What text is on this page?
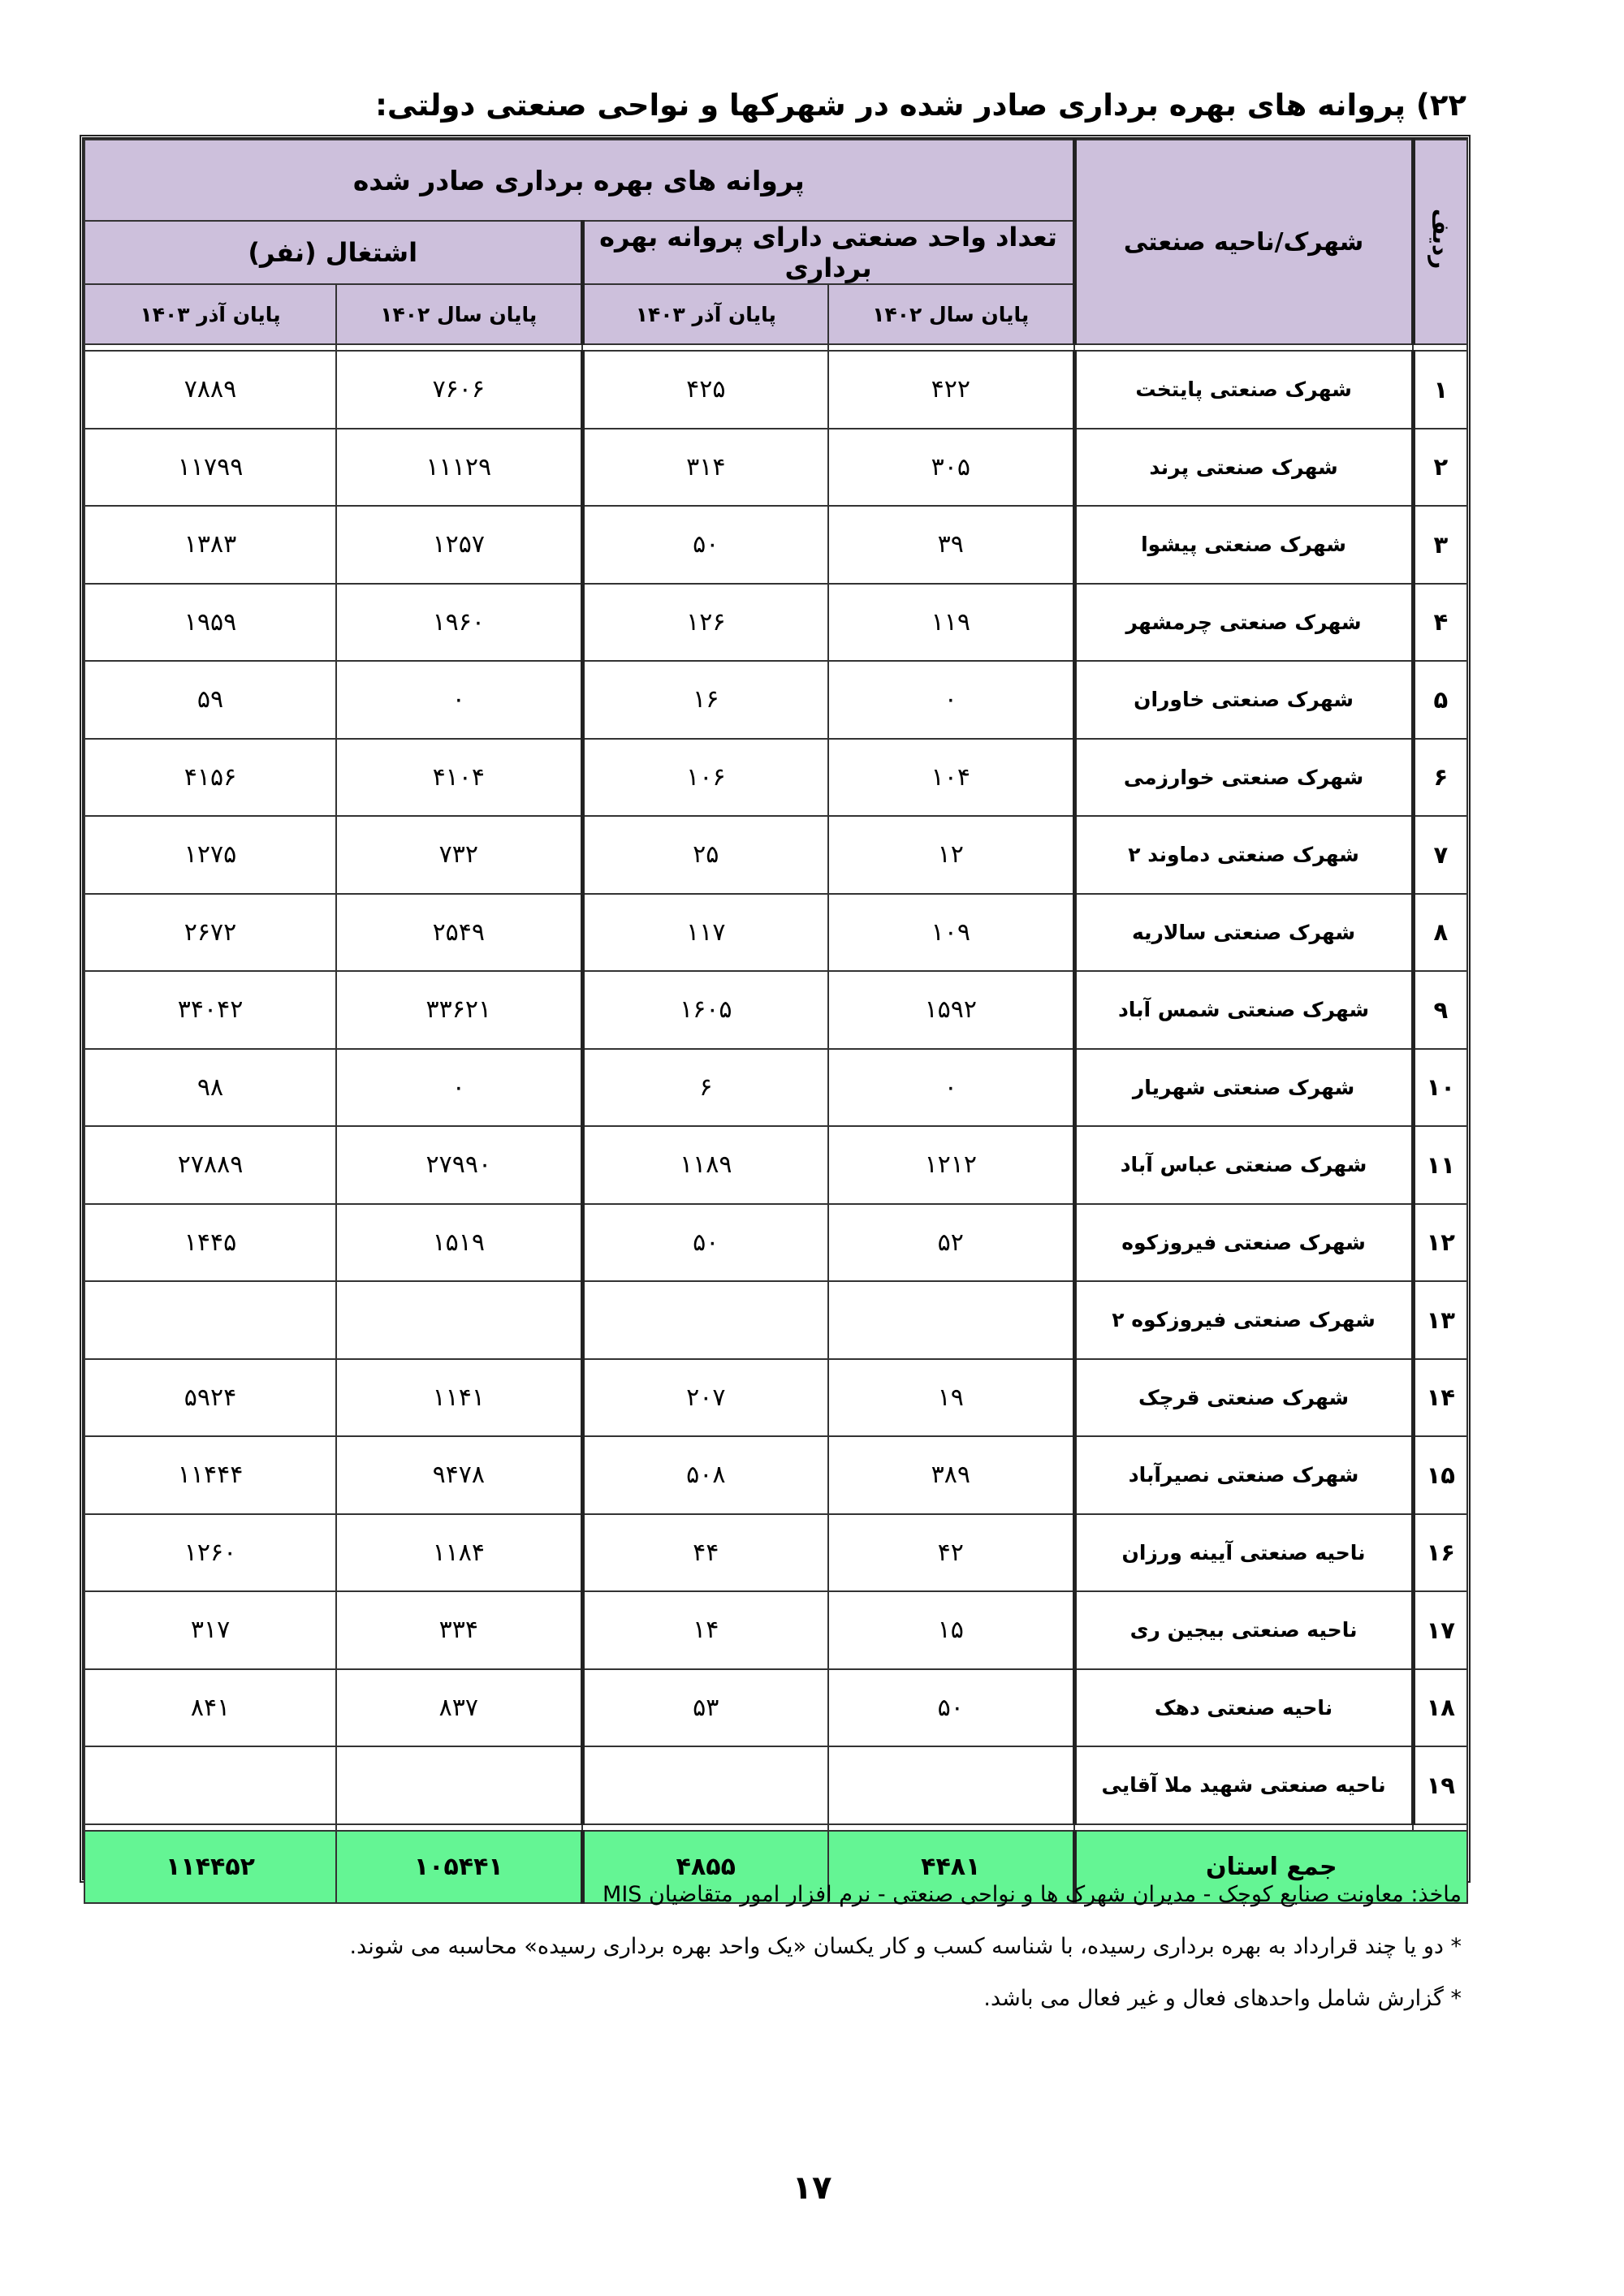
۲۲) پروانه های بهره برداری صادر شده در شهرکها و نواحی صنعتی دولتی:
ردیف	شهرک/ناحیه صنعتی	پروانه های بهره برداری صادر شده			
		تعداد واحد صنعتی دارای پروانه بهره برداری		اشتغال (نفر)	
		پایان سال ۱۴۰۲	پایان آذر ۱۴۰۳	پایان سال ۱۴۰۲	پایان آذر ۱۴۰۳

۱	شهرک صنعتی پایتخت	۴۲۲	۴۲۵	۷۶۰۶	۷۸۸۹
۲	شهرک صنعتی پرند	۳۰۵	۳۱۴	۱۱۱۲۹	۱۱۷۹۹
۳	شهرک صنعتی پیشوا	۳۹	۵۰	۱۲۵۷	۱۳۸۳
۴	شهرک صنعتی چرمشهر	۱۱۹	۱۲۶	۱۹۶۰	۱۹۵۹
۵	شهرک صنعتی خاوران	۰	۱۶	۰	۵۹
۶	شهرک صنعتی خوارزمی	۱۰۴	۱۰۶	۴۱۰۴	۴۱۵۶
۷	شهرک صنعتی دماوند ۲	۱۲	۲۵	۷۳۲	۱۲۷۵
۸	شهرک صنعتی سالاریه	۱۰۹	۱۱۷	۲۵۴۹	۲۶۷۲
۹	شهرک صنعتی شمس آباد	۱۵۹۲	۱۶۰۵	۳۳۶۲۱	۳۴۰۴۲
۱۰	شهرک صنعتی شهریار	۰	۶	۰	۹۸
۱۱	شهرک صنعتی عباس آباد	۱۲۱۲	۱۱۸۹	۲۷۹۹۰	۲۷۸۸۹
۱۲	شهرک صنعتی فیروزکوه	۵۲	۵۰	۱۵۱۹	۱۴۴۵
۱۳	شهرک صنعتی فیروزکوه ۲				
۱۴	شهرک صنعتی قرچک	۱۹	۲۰۷	۱۱۴۱	۵۹۲۴
۱۵	شهرک صنعتی نصیرآباد	۳۸۹	۵۰۸	۹۴۷۸	۱۱۴۴۴
۱۶	ناحیه صنعتی آیینه ورزان	۴۲	۴۴	۱۱۸۴	۱۲۶۰
۱۷	ناحیه صنعتی بیجین ری	۱۵	۱۴	۳۳۴	۳۱۷
۱۸	ناحیه صنعتی دهک	۵۰	۵۳	۸۳۷	۸۴۱
۱۹	ناحیه صنعتی شهید ملا آقایی				

جمع استان		۴۴۸۱	۴۸۵۵	۱۰۵۴۴۱	۱۱۴۴۵۲
ماخذ: معاونت صنایع کوچک - مدیران شهرک ها و نواحی صنعتی - نرم افزار امور متقاضیان MIS
* دو یا چند قرارداد به بهره برداری رسیده، با شناسه کسب و کار یکسان «یک واحد بهره برداری رسیده» محاسبه می شوند.
* گزارش شامل واحدهای فعال و غیر فعال می باشد.
۱۷
